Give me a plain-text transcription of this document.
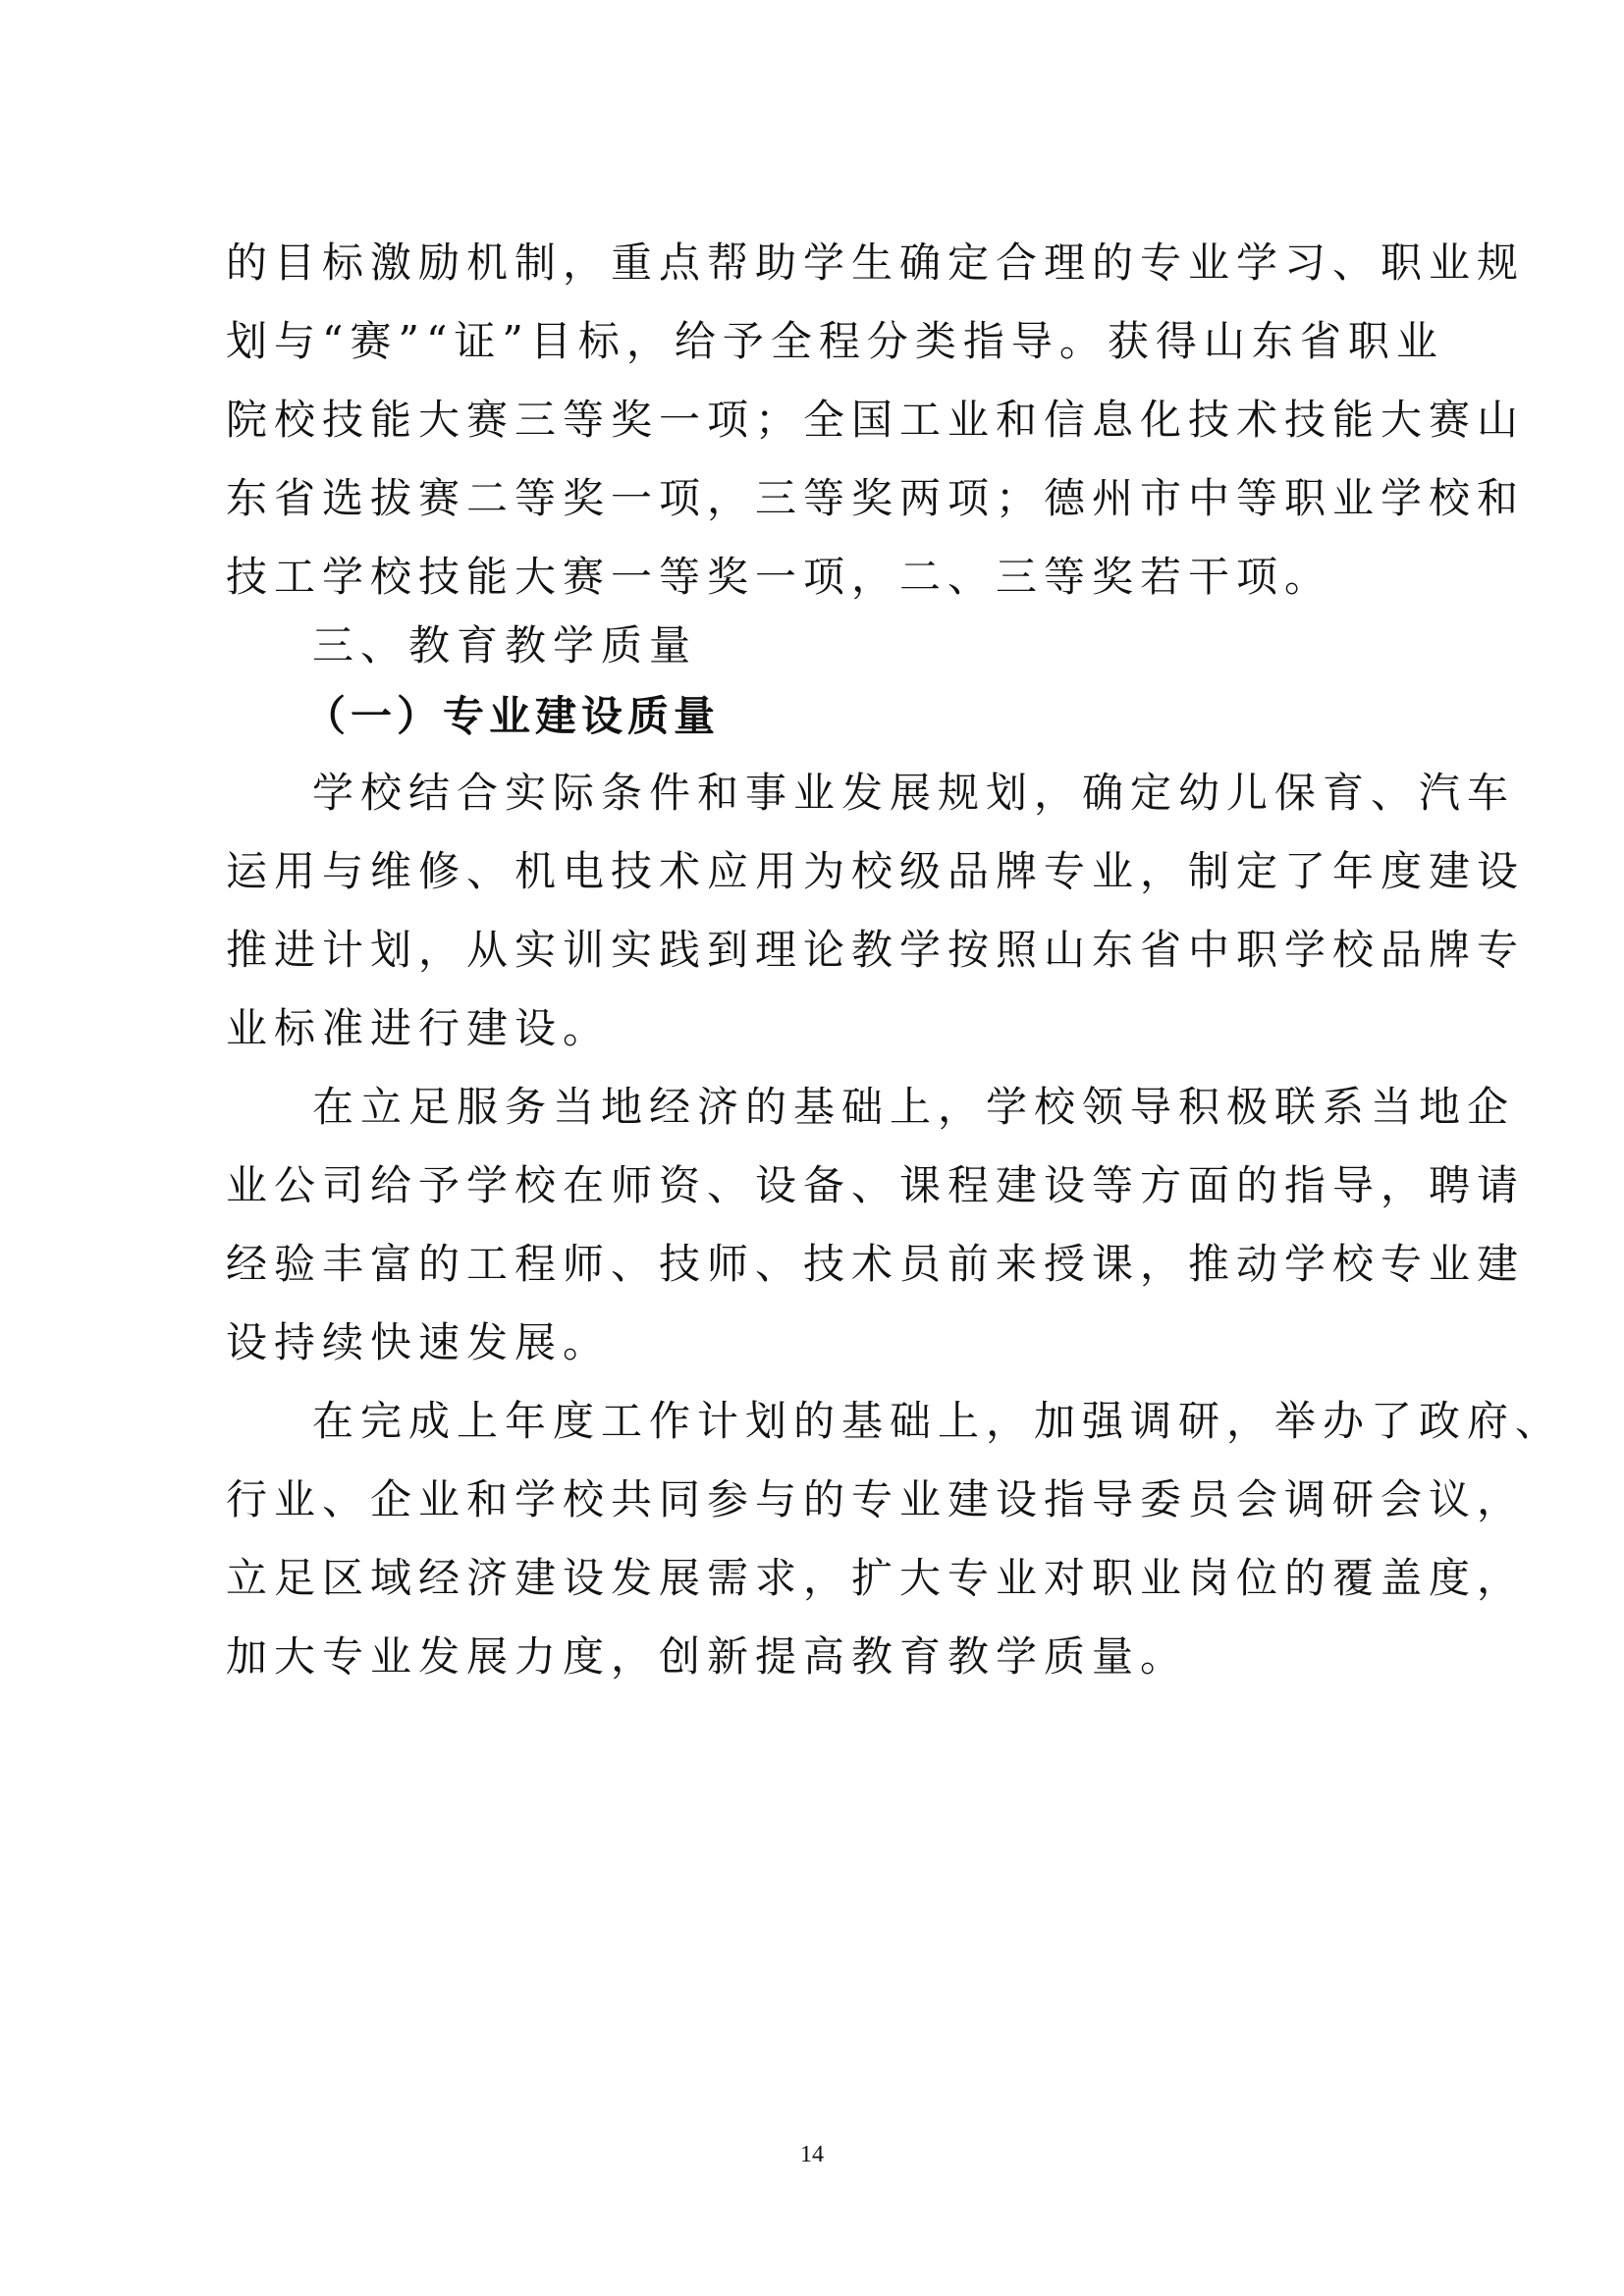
的目标激励机制，重点帮助学生确定合理的专业学习、职业规
划与“赛”“证”目标，给予全程分类指导。获得山东省职业
院校技能大赛三等奖一项；全国工业和信息化技术技能大赛山
东省选拔赛二等奖一项，三等奖两项；德州市中等职业学校和
技工学校技能大赛一等奖一项，二、三等奖若干项。
三、教育教学质量
（一）专业建设质量
学校结合实际条件和事业发展规划，确定幼儿保育、汽车
运用与维修、机电技术应用为校级品牌专业，制定了年度建设
推进计划，从实训实践到理论教学按照山东省中职学校品牌专
业标准进行建设。
在立足服务当地经济的基础上，学校领导积极联系当地企
业公司给予学校在师资、设备、课程建设等方面的指导，聘请
经验丰富的工程师、技师、技术员前来授课，推动学校专业建
设持续快速发展。
在完成上年度工作计划的基础上，加强调研，举办了政府、
行业、企业和学校共同参与的专业建设指导委员会调研会议，
立足区域经济建设发展需求，扩大专业对职业岗位的覆盖度，
加大专业发展力度，创新提高教育教学质量。
14
